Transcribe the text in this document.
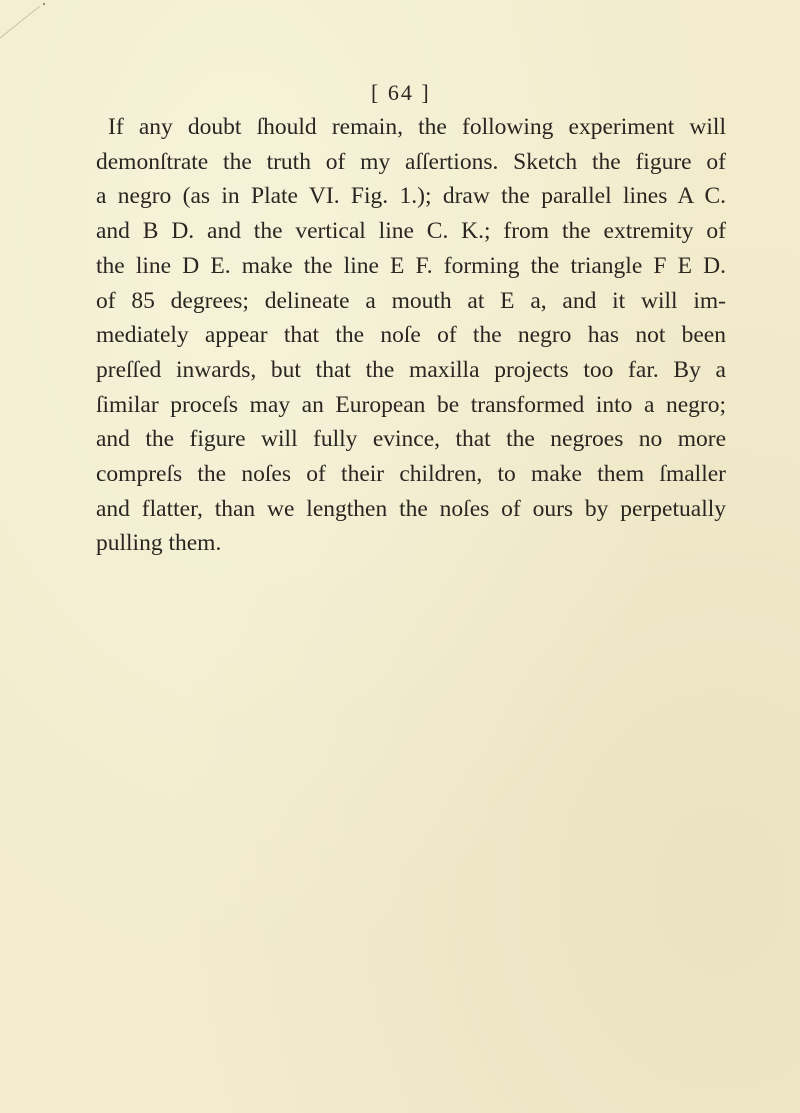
[ 64 ]
If any doubt ſhould remain, the following experiment will
demonſtrate the truth of my aſſertions. Sketch the figure of
a negro (as in Plate VI. Fig. 1.); draw the parallel lines A C.
and B D. and the vertical line C. K.; from the extremity of
the line D E. make the line E F. forming the triangle F E D.
of 85 degrees; delineate a mouth at E a, and it will im-
mediately appear that the noſe of the negro has not been
preſſed inwards, but that the maxilla projects too far. By a
ſimilar proceſs may an European be transformed into a negro;
and the figure will fully evince, that the negroes no more
compreſs the noſes of their children, to make them ſmaller
and flatter, than we lengthen the noſes of ours by perpetually
pulling them.
